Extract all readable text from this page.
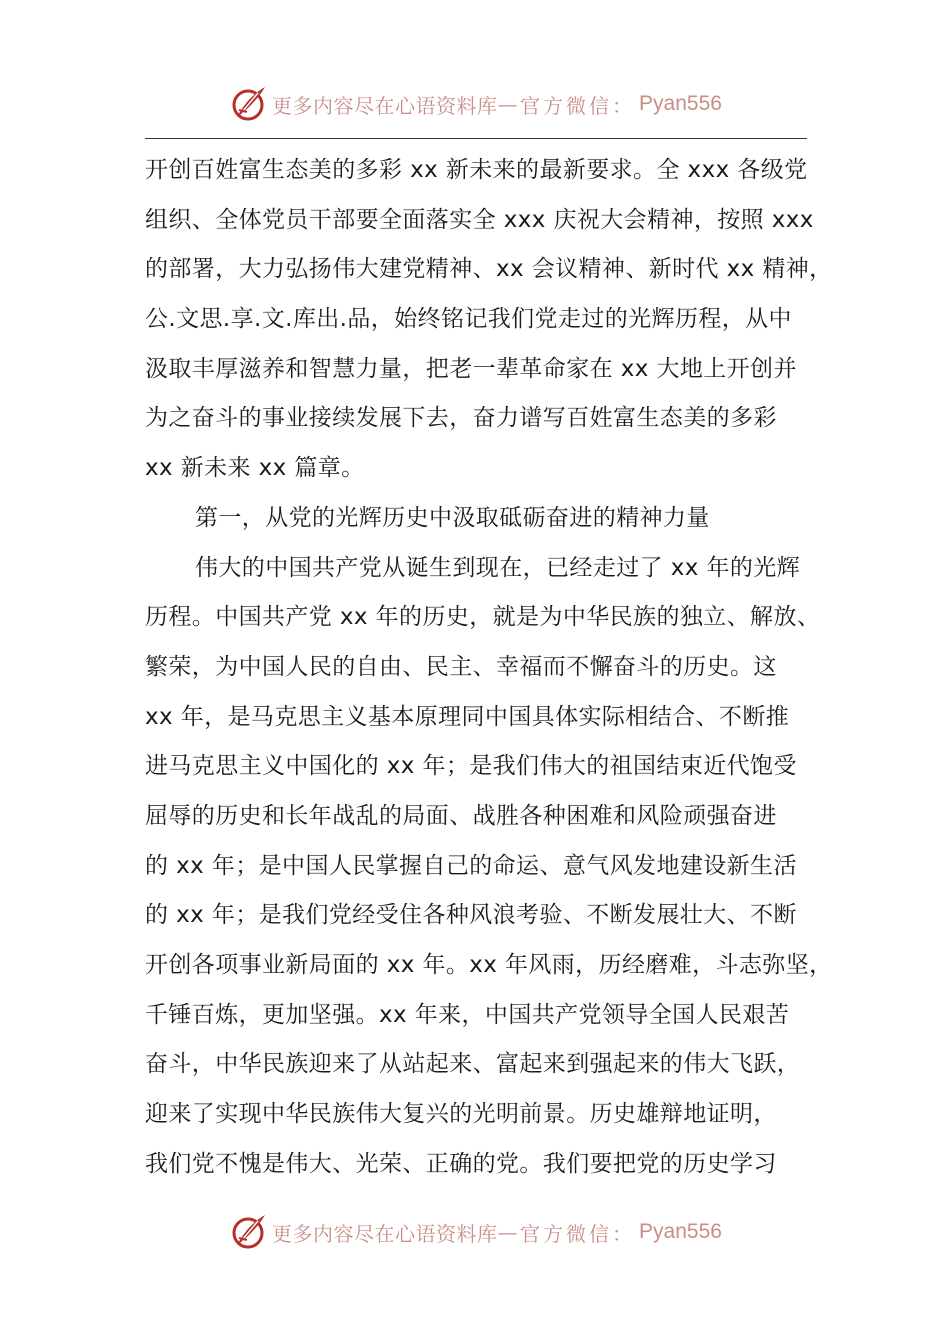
更多内容尽在心语资料库 — 官方微信： Pyan556
开创百姓富生态美的多彩 xx 新未来的最新要求。全 xxx 各级党
组织、全体党员干部要全面落实全 xxx 庆祝大会精神，按照 xxx
的部署，大力弘扬伟大建党精神、xx 会议精神、新时代 xx 精神，
公.文思.享.文.库出.品，始终铭记我们党走过的光辉历程，从中
汲取丰厚滋养和智慧力量，把老一辈革命家在 xx 大地上开创并
为之奋斗的事业接续发展下去，奋力谱写百姓富生态美的多彩
xx 新未来 xx 篇章。
第一，从党的光辉历史中汲取砥砺奋进的精神力量
伟大的中国共产党从诞生到现在，已经走过了 xx 年的光辉
历程。中国共产党 xx 年的历史，就是为中华民族的独立、解放、
繁荣，为中国人民的自由、民主、幸福而不懈奋斗的历史。这
xx 年，是马克思主义基本原理同中国具体实际相结合、不断推
进马克思主义中国化的 xx 年；是我们伟大的祖国结束近代饱受
屈辱的历史和长年战乱的局面、战胜各种困难和风险顽强奋进
的 xx 年；是中国人民掌握自己的命运、意气风发地建设新生活
的 xx 年；是我们党经受住各种风浪考验、不断发展壮大、不断
开创各项事业新局面的 xx 年。xx 年风雨，历经磨难，斗志弥坚，
千锤百炼，更加坚强。xx 年来，中国共产党领导全国人民艰苦
奋斗，中华民族迎来了从站起来、富起来到强起来的伟大飞跃，
迎来了实现中华民族伟大复兴的光明前景。历史雄辩地证明，
我们党不愧是伟大、光荣、正确的党。我们要把党的历史学习
更多内容尽在心语资料库 — 官方微信： Pyan556
